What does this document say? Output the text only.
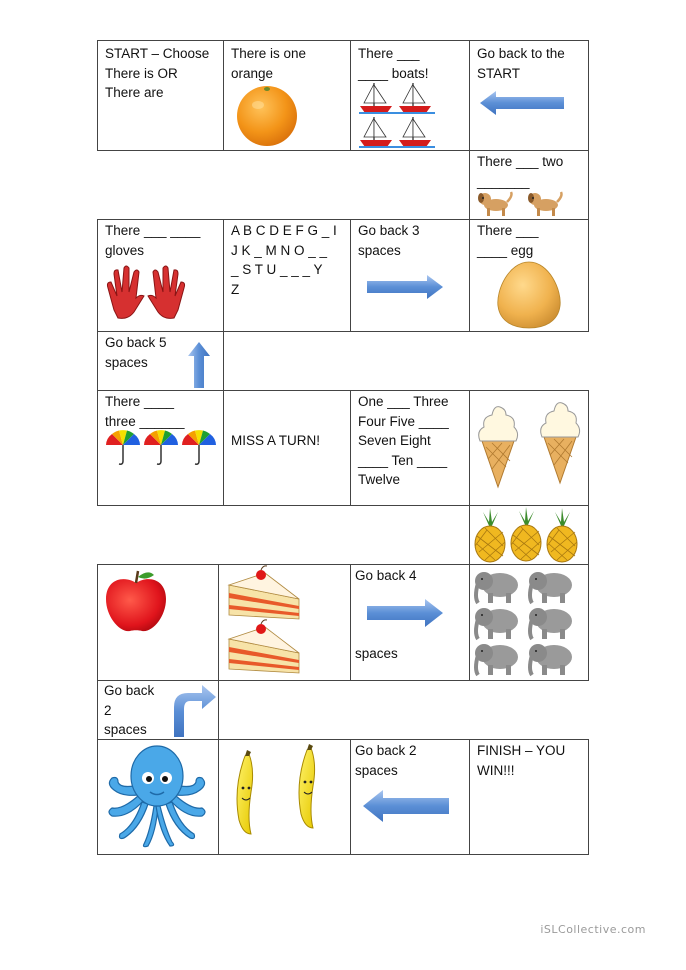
START – Choose
There is OR
There are
There is one
orange
There ___
____ boats!
Go back to the
START
There ___ two
_______
There ___ ____
gloves
A B C D E F G _ I
J K _ M N O _ _
_ S T U _ _ _ Y
Z
Go back 3
spaces
There ___
____ egg
Go back 5
spaces
There ____
three ______
MISS A TURN!
One ___ Three
Four Five ____
Seven Eight
____ Ten ____
Twelve
Go back 4
spaces
Go back
2
spaces
Go back 2
spaces
FINISH – YOU
WIN!!!
iSLCollective.com
